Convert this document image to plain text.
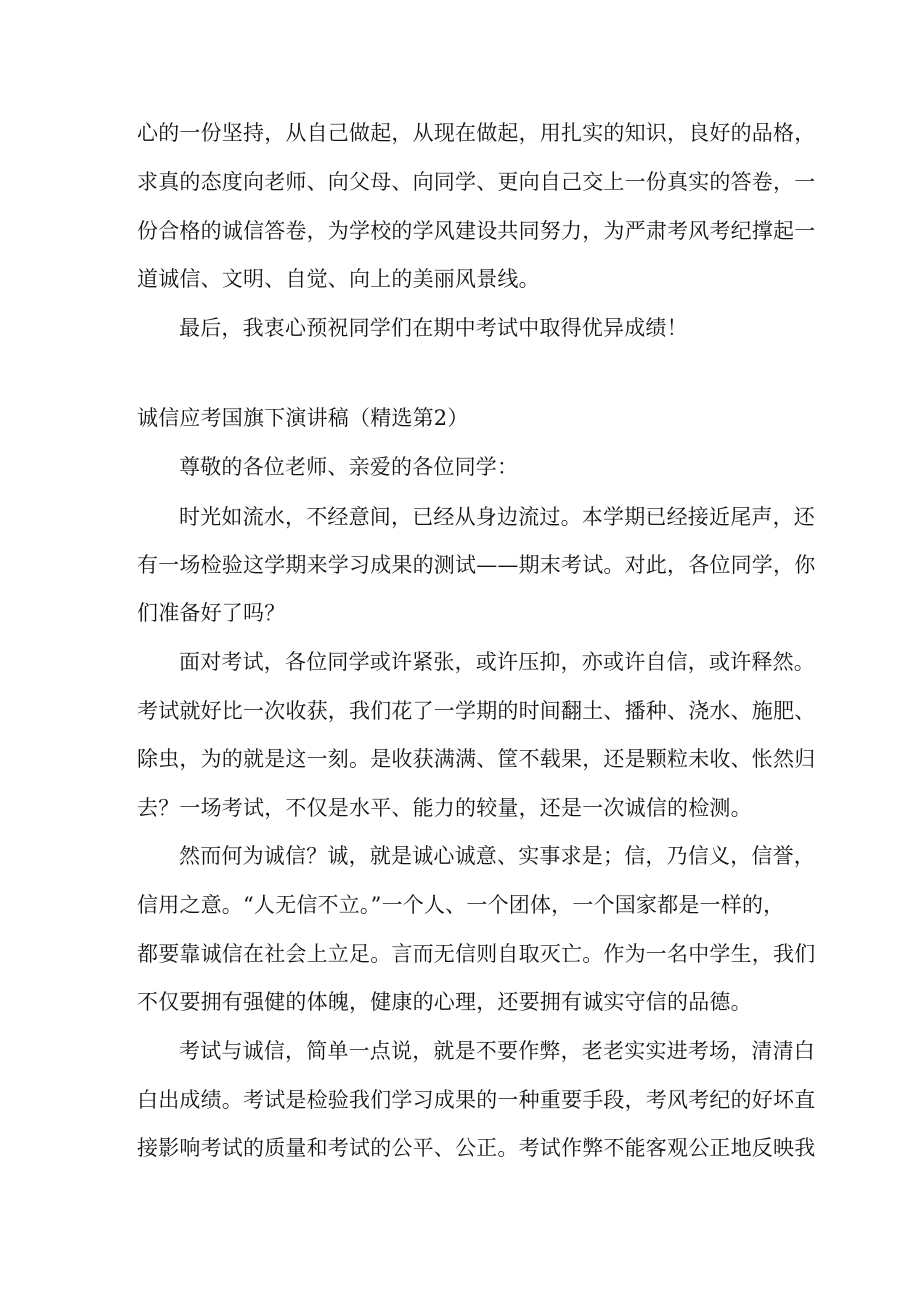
心的一份坚持，从自己做起，从现在做起，用扎实的知识，良好的品格，
求真的态度向老师、向父母、向同学、更向自己交上一份真实的答卷，一
份合格的诚信答卷，为学校的学风建设共同努力，为严肃考风考纪撑起一
道诚信、文明、自觉、向上的美丽风景线。
最后，我衷心预祝同学们在期中考试中取得优异成绩！
诚信应考国旗下演讲稿（精选第2）
尊敬的各位老师、亲爱的各位同学：
时光如流水，不经意间，已经从身边流过。本学期已经接近尾声，还
有一场检验这学期来学习成果的测试——期末考试。对此，各位同学，你
们准备好了吗？
面对考试，各位同学或许紧张，或许压抑，亦或许自信，或许释然。
考试就好比一次收获，我们花了一学期的时间翻土、播种、浇水、施肥、
除虫，为的就是这一刻。是收获满满、筐不载果，还是颗粒未收、怅然归
去？一场考试，不仅是水平、能力的较量，还是一次诚信的检测。
然而何为诚信？诚，就是诚心诚意、实事求是；信，乃信义，信誉，
信用之意。“人无信不立。”一个人、一个团体，一个国家都是一样的，
都要靠诚信在社会上立足。言而无信则自取灭亡。作为一名中学生，我们
不仅要拥有强健的体魄，健康的心理，还要拥有诚实守信的品德。
考试与诚信，简单一点说，就是不要作弊，老老实实进考场，清清白
白出成绩。考试是检验我们学习成果的一种重要手段，考风考纪的好坏直
接影响考试的质量和考试的公平、公正。考试作弊不能客观公正地反映我
